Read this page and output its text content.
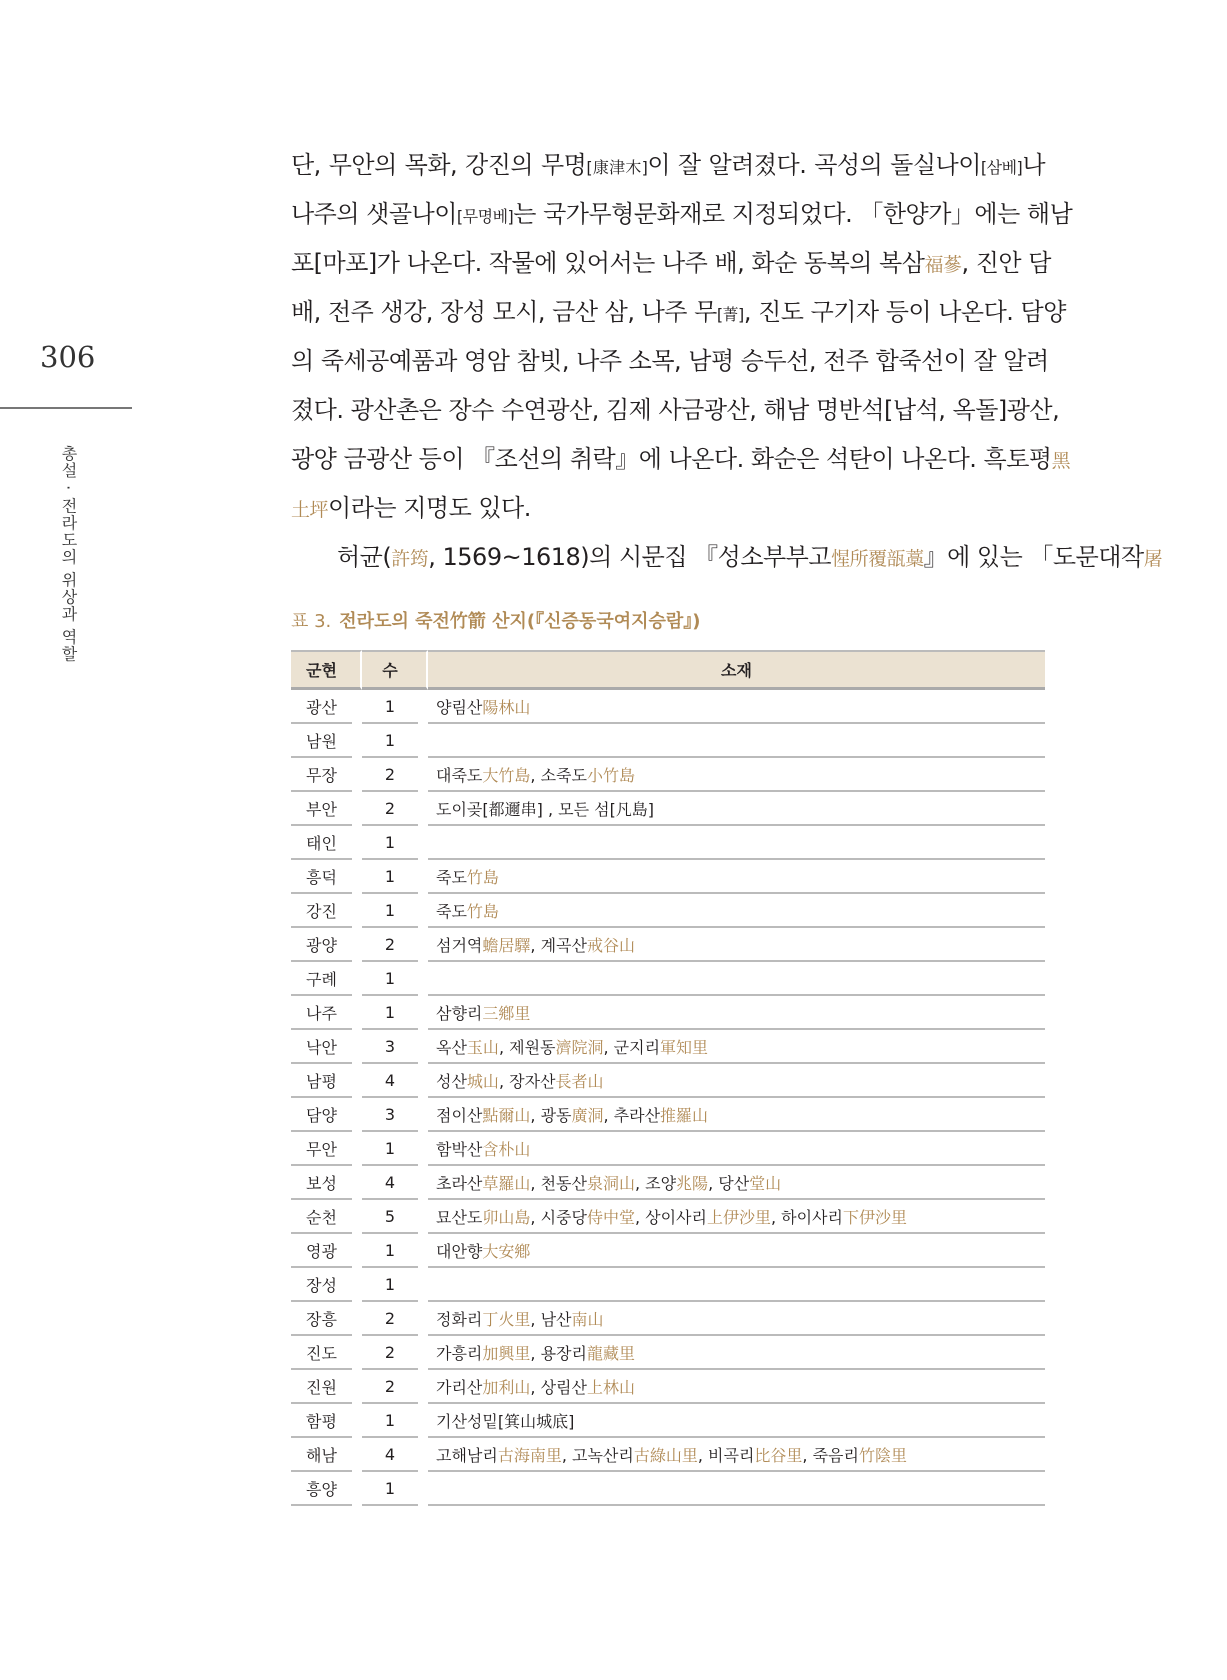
306
총설 · 전라도의 위상과 역할
단, 무안의 목화, 강진의 무명[康津木]이 잘 알려졌다. 곡성의 돌실나이[삼베]나
나주의 샛골나이[무명베]는 국가무형문화재로 지정되었다. 「한양가」에는 해남
포[마포]가 나온다. 작물에 있어서는 나주 배, 화순 동복의 복삼福蔘, 진안 담
배, 전주 생강, 장성 모시, 금산 삼, 나주 무[菁], 진도 구기자 등이 나온다. 담양
의 죽세공예품과 영암 참빗, 나주 소목, 남평 승두선, 전주 합죽선이 잘 알려
졌다. 광산촌은 장수 수연광산, 김제 사금광산, 해남 명반석[납석, 옥돌]광산,
광양 금광산 등이 『조선의 취락』에 나온다. 화순은 석탄이 나온다. 흑토평黑
土坪이라는 지명도 있다.
허균(許筠, 1569~1618)의 시문집 『성소부부고惺所覆瓿藁』에 있는 「도문대작屠
표 3. 전라도의 죽전竹箭 산지(『신증동국여지승람』)
군현		수		소재
광산		1		양림산陽林山
남원		1		
무장		2		대죽도大竹島, 소죽도小竹島
부안		2		도이곶[都邇串] , 모든 섬[凡島]
태인		1		
흥덕		1		죽도竹島
강진		1		죽도竹島
광양		2		섬거역蟾居驛, 계곡산戒谷山
구례		1		
나주		1		삼향리三鄕里
낙안		3		옥산玉山, 제원동濟院洞, 군지리軍知里
남평		4		성산城山, 장자산長者山
담양		3		점이산點爾山, 광동廣洞, 추라산推羅山
무안		1		함박산含朴山
보성		4		초라산草羅山, 천동산泉洞山, 조양兆陽, 당산堂山
순천		5		묘산도卯山島, 시중당侍中堂, 상이사리上伊沙里, 하이사리下伊沙里
영광		1		대안향大安鄕
장성		1		
장흥		2		정화리丁火里, 남산南山
진도		2		가흥리加興里, 용장리龍藏里
진원		2		가리산加利山, 상림산上林山
함평		1		기산성밑[箕山城底]
해남		4		고해남리古海南里, 고녹산리古綠山里, 비곡리比谷里, 죽음리竹陰里
흥양		1		
